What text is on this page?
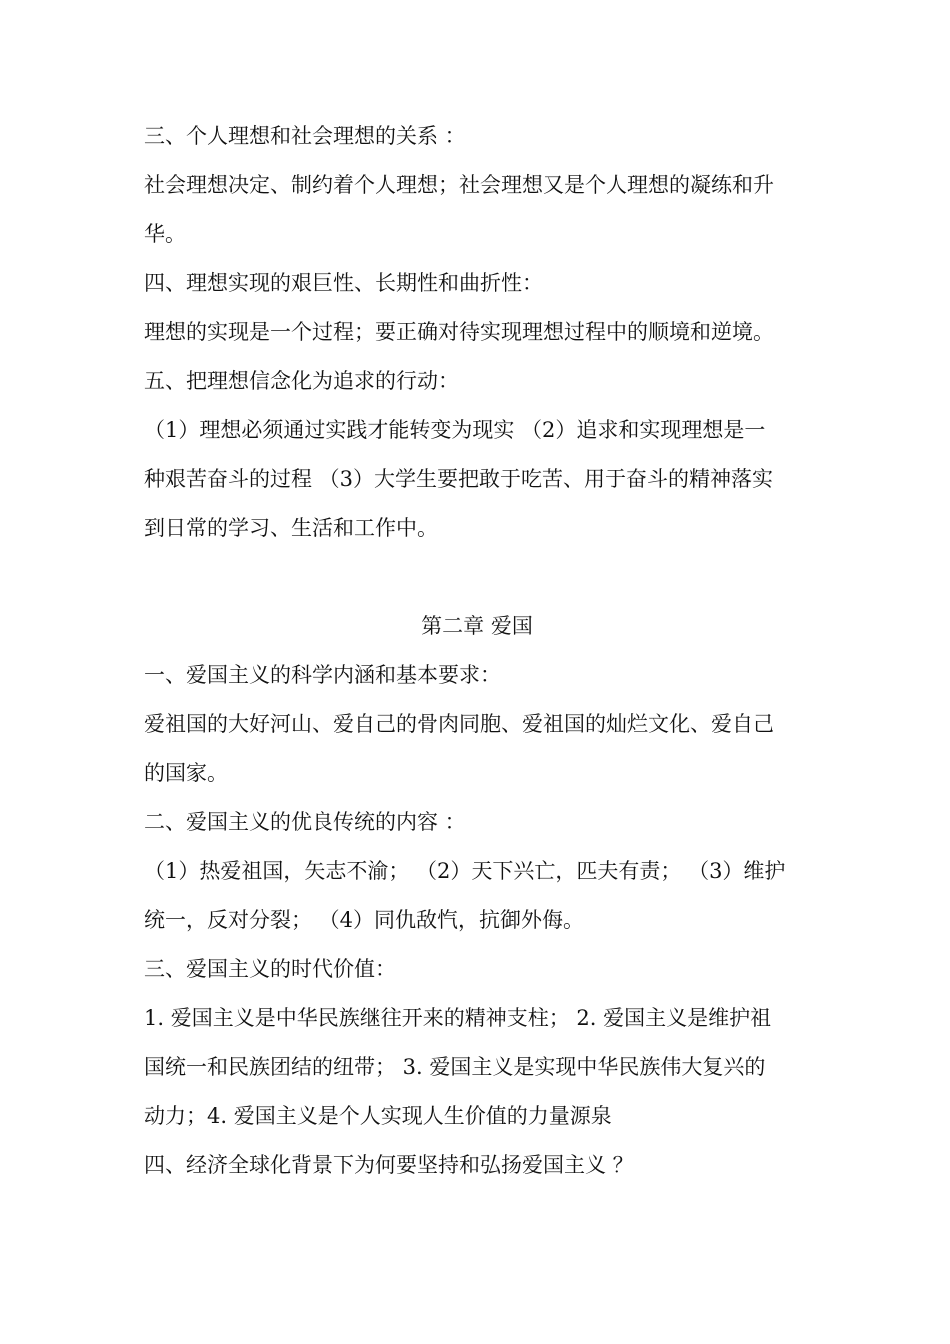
三、个人理想和社会理想的关系 ：
社会理想决定、制约着个人理想；社会理想又是个人理想的凝练和升
华。
四、理想实现的艰巨性、长期性和曲折性：
理想的实现是一个过程；要正确对待实现理想过程中的顺境和逆境。
五、把理想信念化为追求的行动：
（1）理想必须通过实践才能转变为现实 （2）追求和实现理想是一
种艰苦奋斗的过程 （3）大学生要把敢于吃苦、用于奋斗的精神落实
到日常的学习、生活和工作中。
第二章 爱国
一、爱国主义的科学内涵和基本要求：
爱祖国的大好河山、爱自己的骨肉同胞、爱祖国的灿烂文化、爱自己
的国家。
二、爱国主义的优良传统的内容 ：
（1）热爱祖国，矢志不渝； （2）天下兴亡，匹夫有责； （3）维护
统一，反对分裂； （4）同仇敌忾，抗御外侮。
三、爱国主义的时代价值：
1. 爱国主义是中华民族继往开来的精神支柱； 2. 爱国主义是维护祖
国统一和民族团结的纽带； 3. 爱国主义是实现中华民族伟大复兴的
动力；4. 爱国主义是个人实现人生价值的力量源泉
四、经济全球化背景下为何要坚持和弘扬爱国主义 ？
